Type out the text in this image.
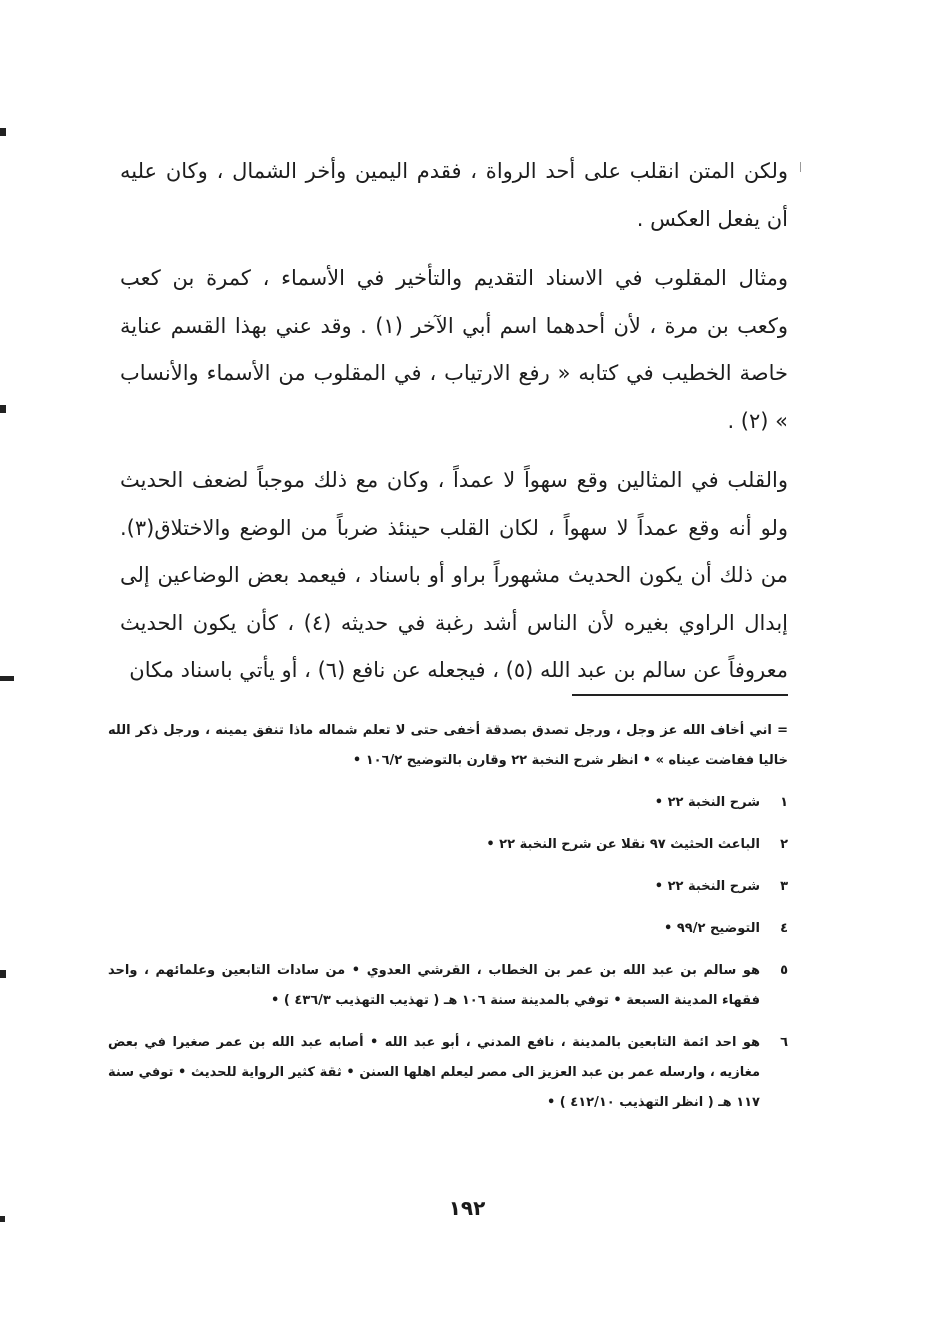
ولكن المتن انقلب على أحد الرواة ، فقدم اليمين وأخر الشمال ، وكان عليه أن يفعل العكس .

ومثال المقلوب في الاسناد التقديم والتأخير في الأسماء ، كمرة بن كعب وكعب بن مرة ، لأن أحدهما اسم أبي الآخر (١) . وقد عني بهذا القسم عناية خاصة الخطيب في كتابه « رفع الارتياب ، في المقلوب من الأسماء والأنساب » (٢) .

والقلب في المثالين وقع سهواً لا عمداً ، وكان مع ذلك موجباً لضعف الحديث ولو أنه وقع عمداً لا سهواً ، لكان القلب حينئذ ضرباً من الوضع والاختلاق(٣). من ذلك أن يكون الحديث مشهوراً براو أو باسناد ، فيعمد بعض الوضاعين إلى إبدال الراوي بغيره لأن الناس أشد رغبة في حديثه (٤) ، كأن يكون الحديث معروفاً عن سالم بن عبد الله (٥) ، فيجعله عن نافع (٦) ، أو يأتي باسناد مكان

= اني أخاف الله عز وجل ، ورجل تصدق بصدقة أخفى حتى لا تعلم شماله ماذا تنفق يمينه ، ورجل ذكر الله خاليا ففاضت عيناه » • انظر شرح النخبة ٢٢ وقارن بالتوضيح ١٠٦/٢ •
١
شرح النخبة ٢٢ •
٢
الباعث الحثيث ٩٧ نقلا عن شرح النخبة ٢٢ •
٣
شرح النخبة ٢٢ •
٤
التوضيح ٩٩/٢ •
٥
هو سالم بن عبد الله بن عمر بن الخطاب ، القرشي العدوي • من سادات التابعين وعلمائهم ، واحد فقهاء المدينة السبعة • توفي بالمدينة سنة ١٠٦ هـ ( تهذيب التهذيب ٤٣٦/٣ ) •
٦
هو احد ائمة التابعين بالمدينة ، نافع المدني ، أبو عبد الله • أصابه عبد الله بن عمر صغيرا في بعض مغازيه ، وارسله عمر بن عبد العزيز الى مصر ليعلم اهلها السنن • ثقة كثير الرواية للحديث • توفي سنة ١١٧ هـ ( انظر التهذيب ٤١٢/١٠ ) •
١٩٢
